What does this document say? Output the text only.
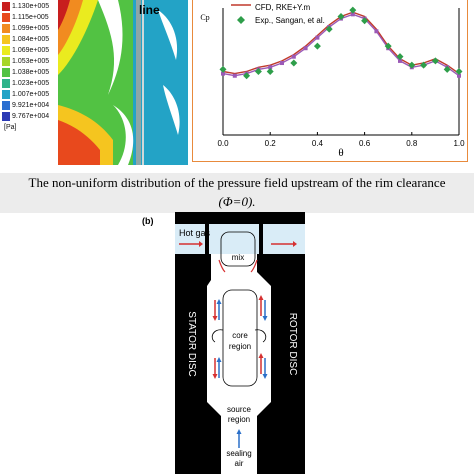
1.130e+005
1.115e+005
1.099e+005
1.084e+005
1.069e+005
1.053e+005
1.038e+005
1.023e+005
1.007e+005
9.921e+004
9.767e+004
[Pa]
line
0.0	0.2	0.4	0.6	0.8	1.0
θ
Cp
CFD, RKE+Y.m
Exp., Sangan, et al.
The non-uniform distribution of the pressure field upstream of the rim clearance
(Φ=0).
(b)
Hot gas
mix
core
region
source
region
sealing
air
STATOR DISC	ROTOR DISC
